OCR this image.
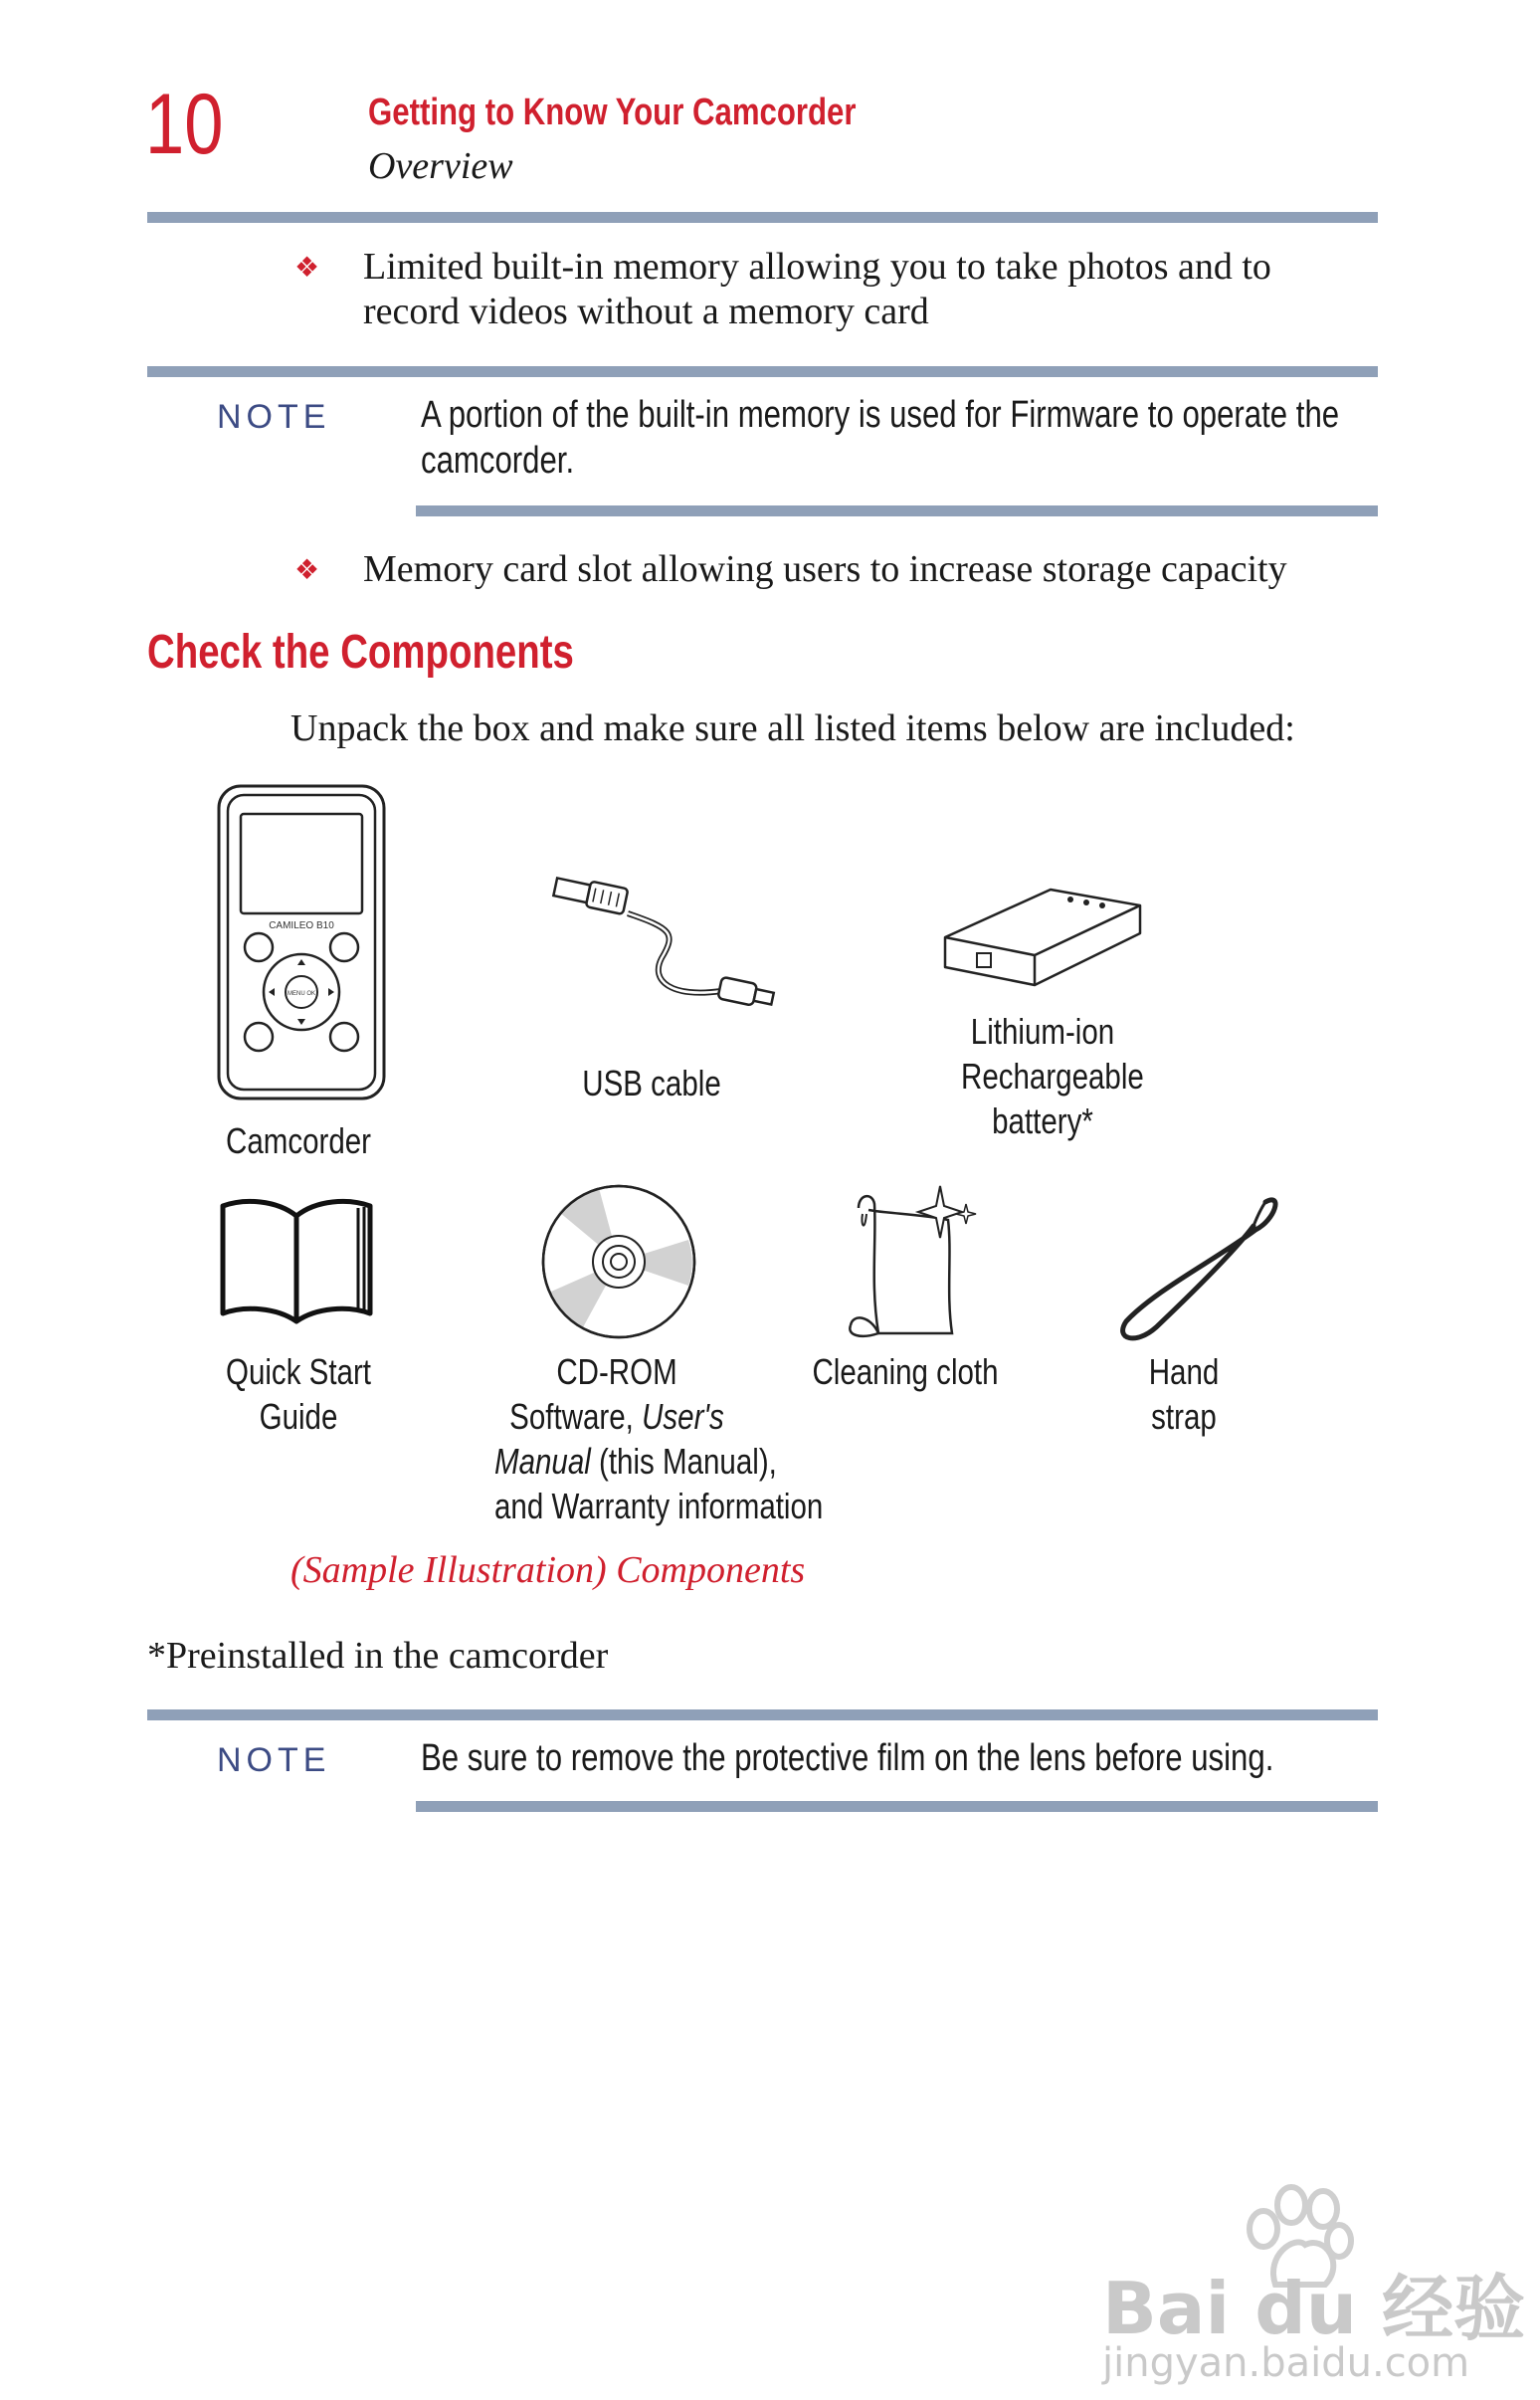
10	Getting to Know Your Camcorder
Overview
❖ Limited built-in memory allowing you to take photos and to
record videos without a memory card
NOTE A portion of the built-in memory is used for Firmware to operate the
camcorder.
❖ Memory card slot allowing users to increase storage capacity
Check the Components
Unpack the box and make sure all listed items below are included:
CAMILEO B10
MENU OK
Camcorder
USB cable
Lithium-ion
Rechargeable
battery*
Quick Start
Guide
CD-ROM
Software, User's
Manual (this Manual),
and Warranty information
Cleaning cloth	Hand
strap
(Sample Illustration) Components
*Preinstalled in the camcorder
NOTE Be sure to remove the protective film on the lens before using.
Bai du 经验
jingyan.baidu.com
